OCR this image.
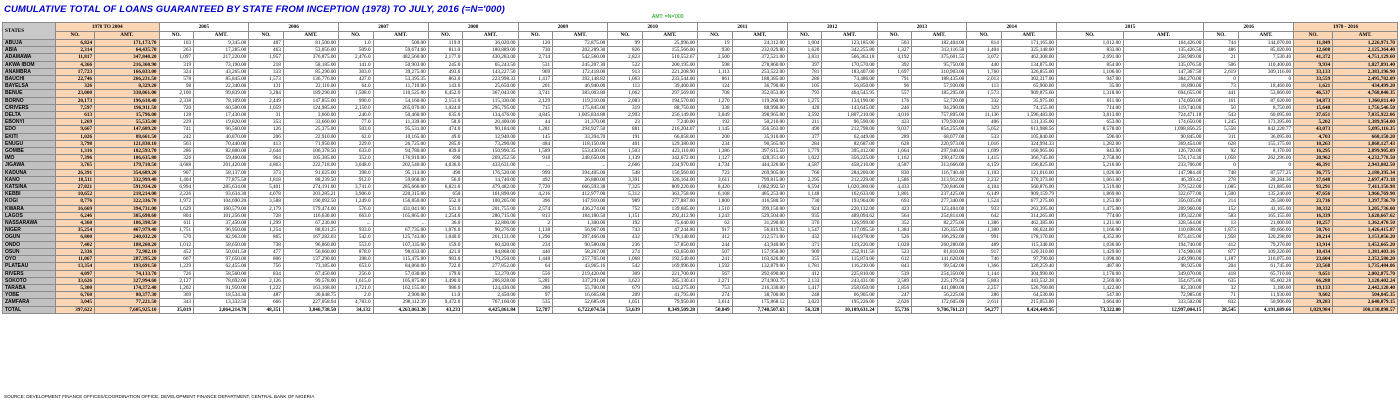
CUMULATIVE TOTAL OF LOANS GUARANTEED BY STATE FROM INCEPTION (1978) TO JULY, 2016 (=N='000)
AMT: =N='000
STATES	1978 TO 2004		2005		2006		2007		2008		2009		2010		2011		2012		2013		2014		2015		2016		1978 - 2016	
	NO.	AMT.	NO.	AMT.	NO.	AMT.	NO.	AMT.	NO.	AMT.	NO.	AMT.	NO.	AMT.	NO.	AMT.	NO.	AMT.	NO.	AMT.	NO.	AMT.	NO.	AMT.	NO.	AMT.	NO.	AMT.
ABUJA	6,824	171,173.70	103	9,345.00	487	81,500.00	1.0	500.00	119.0	36,020.00	120	72,875.00	99	25,996.00	19	24,312.00	1,004	123,185.00	503	182,404.00	814	171,165.00	1,012.00	164,426.00	744	144,070.00	11,849	1,226,971.70
ABIA	2,314	64,435.70	263	17,285.00	463	53,056.00	509.0	59,674.60	811.0	180,889.00	730	202,289.30	826	155,566.00	930	232,029.80	1,620	342,255.80	1,327	313,116.50	1,404	325,148.00	833.00	135,426.50	486	85,020.00	12,608	2,125,364.40
ADAMAWA	11,817	347,840.20	1,097	217,220.00	1,957	376,875.00	2,476.0	482,560.00	2,177.0	430,283.00	2,714	542,560.00	2,823	510,552.67	2,500	372,521.00	3,831	566,363.18	4,192	375,601.55	3,072	462,308.00	2,691.00	258,909.00	21	7,530.40	41,372	4,751,129.60
AKWA IBOM	4,366	216,360.90	319	73,190.00	218	58,185.00	141.0	50,903.00	245.0	65,243.50	531	245,207.30	522	200,195.00	598	278,860.00	397	170,570.00	392	95,750.00	440	134,875.00	854.00	135,076.50	506	110,400.00	9,934	1,827,891.40
ANAMBRA	17,723	166,033.00	324	43,265.00	333	85,290.00	303.0	39,275.00	493.0	143,227.50	969	172,418.00	913	221,208.90	1,113	253,522.00	781	183,407.00	1,697	310,903.00	1,760	326,855.00	1,106.00	147,367.50	2,619	309,116.00	33,133	2,383,196.90
BAUCHI	22,746	266,231.50	578	85,845.00	1,573	136,776.00	427.0	53,395.35	863.0	223,998.33	1,417	392,148.82	1,063	233,544.00	861	188,385.00	286	74,486.00	791	188,435.00	2,013	302,317.00	947.00	384,270.00	0	0	33,559	2,495,782.09
BAYELSA	326	8,329.20	98	22,340.00	131	22,110.00	64.0	11,710.00	143.0	25,650.00	201	46,940.00	113	39,400.00	124	36,790.00	105	56,850.00	96	57,930.00	113	65,900.00	35.00	18,890.00	73	18,460.00	1,621	434,499.20
BENUE	23,000	338,061.00	2,100	99,839.00	3,284	189,290.00	1,508.0	110,525.00	6,452.0	367,043.00	3,741	383,003.80	1,062	297,569.00	708	352,053.00	793	464,545.95	557	185,295.00	1,573	909,875.60	1,318.00	694,655.00	441	53,860.00	46,537	4,768,040.35
BORNO	20,173	196,618.40	2,338	78,109.00	2,449	147,855.00	990.0	54,160.00	2,151.0	115,330.00	2,129	119,210.00	2,083	194,570.00	1,270	119,260.00	1,275	134,190.00	176	52,720.00	332	35,975.00	611.00	174,050.00	161	87,020.00	34,873	1,360,811.40
C/RIVERS	7,597	196,911.50	720	60,500.00	1,059	124,985.00	2,150.0	265,070.00	1,024.0	295,795.00	715	175,845.00	319	88,750.00	338	88,990.00	420	143,645.00	246	94,290.00	329	74,155.00	714.00	119,740.00	50	8,750.00	15,640	1,756,546.50
DELTA	613	15,796.00	128	17,430.00	31	3,660.00	240.0	50,460.00	635.0	134,476.00	4,845	1,005,834.88	2,993	256,149.00	3,049	398,965.00	3,592	1,807,210.00	4,016	757,895.00	11,136	1,596,483.00	3,813.00	724,471.18	543	60,095.00	37,651	7,035,922.06
EBONYI	1,269	55,535.00	229	19,820.00	353	33,660.00	77.0	11,339.00	58.0	20,400.00	44	31,370.00	23	7,240.00	192	50,210.00	211	96,590.00	433	179,930.00	406	131,335.00	653.00	174,650.00	1,245	173,395.00	5,202	1,389,954.00
EDO	9,667	147,609.20	741	66,560.00	126	25,375.00	503.0	95,531.00	474.0	90,184.00	1,281	294,927.50	881	216,204.07	1,145	356,563.00	490	212,798.00	9,037	854,255.00	5,052	613,988.56	8,578.00	1,098,856.25	5,558	842,228.77	43,073	5,095,116.35
EKITI	1,026	88,661.50	242	40,870.00	206	22,910.00	62.0	10,165.00	49.0	12,940.00	145	33,394.70	191	66,058.00	200	35,910.00	377	62,449.00	289	68,077.00	533	105,840.00	596.00	90,845.00	311	36,095.00	4,703	668,150.20
ENUGU	3,798	121,830.10	563	70,440.00	413	71,950.00	229.0	26,725.00	285.0	73,290.00	484	118,150.00	401	129,380.00	234	90,565.00	284	82,687.00	628	220,973.00	1,016	324,994.33	1,282.00	369,454.00	628	155,175.00	10,263	1,868,127.43
GOMBE	1,316	102,593.70	286	82,800.00	2,644	106,378.50	633.0	94,780.00	839.0	150,990.35	1,589	553,430.04	1,503	423,110.00	1,386	397,615.50	1,779	395,412.00	1,664	297,940.00	1,699	160,965.00	843.00	126,720.00	92	8,170.00	16,295	2,899,905.09
IMO	7,396	106,635.80	326	59,460.00	964	105,385.00	352.0	176,910.00	690	269,252.50	918	248,650.00	1,139	342,672.00	1,127	428,351.60	1,022	356,225.00	1,162	290,472.00	1,415	366,745.00	2,758.00	574,174.30	1,058	262,296.00	20,962	4,232,778.50
JIGAWA	3,765	179,710.50	4,688	201,420.00	4,863	222,718.00	3,048.0	202,540.00	4,036.0	433,631.00	...	...	2,666	234,970.00	4,734	444,326.00	4,587	458,210.00	4,587	313,666.00	4,159	196,825.00	5,216.00	233,706.00	0	0	46,391	2,943,082.50
KADUNA	26,391	354,689.20	907	58,137.00	373	91,625.00	398.0	95,114.00	490	176,520.00	999	394,405.00	548	150,560.00	723	269,905.00	766	284,200.00	830	116,740.40	1,103	121,016.00	1,026.00	147,984.40	748	87,577.25	36,775	2,180,395.34
KANO	18,511	332,999.40	1,404	77,875.50	1,818	88,239.50	912.0	59,068.00	56.0	14,740.00	492	26,880.00	3,391	326,164.00	3,611	799,815.00	2,295	212,229.00	1,586	313,912.00	2,232	370,373.00	1,061.00	46,393.42	278	28,284.36	37,648	2,697,473.18
KATSINA	27,021	591,934.20	6,994	285,634.00	5,401	274,191.00	3,741.0	285,666.00	6,821.0	479,482.00	7,720	666,593.38	7,325	809,220.00	8,420	1,082,992.50	6,594	1,020,360.00	4,433	720,846.00	4,104	560,876.00	3,519.00	379,522.00	1,085	121,885.00	93,291	7,411,156.98
KEBBI	10,652	218,214.00	2,226	93,634.30	4,078	203,285.21	3,906.0	220,315.00	650	161,890.00	4,216	412,977.00	5,312	363,758.00	6,108	485,253.00	1,148	162,633.00	1,801	237,425.00	6,149	909,159.79	1,869.00	322,677.00	1,500	135,240.00	47,656	3,966,769.90
KOGI	8,776	322,336.70	1,972	104,690.20	3,588	190,092.50	1,249.0	156,850.00	552.0	100,205.00	396	147,910.00	989	277,887.00	1,800	416,580.50	730	193,964.00	693	277,340.00	1,524	677,275.00	1,253.00	356,035.00	214	26,580.00	23,736	3,397,736.70
KWARA	16,669	394,731.00	1,629	160,579.00	2,179	179,474.00	576.0	431,041.00	531.0	201,755.00	2,574	436,274.00	752	139,685.00	1,510	399,150.00	924	220,132.00	423	123,404.00	933	263,395.00	1,475.00	209,960.00	152	43,165.00	30,332	3,205,736.00
LAGOS	6,246	305,698.60	804	101,256.00	728	116,630.00	663.0	165,865.00	1,254.0	280,715.00	813	184,180.50	1,151	292,412.90	1,243	529,504.00	935	489,094.62	564	254,814.00	642	314,265.00	774.00	199,322.00	583	165,155.00	16,339	3,620,667.62
NASSARAWA	4,360	106,398.50	611	37,450.00	1,299	67,230.00	...	...	36.0	22,800.00	2	1,300.00	192	75,640.00	62	31,290.00	376	126,999.00	352	82,275.00	1,386	462,385.00	1,211.00	328,564.00	13	21,000.00	10,257	1,362,470.50
NIGER	35,254	467,979.40	1,751	96,950.00	1,254	88,031.25	933.0	67,735.00	1,076.0	90,276.00	1,138	56,967.00	743	47,244.80	917	56,819.92	1,547	117,095.50	1,384	126,355.00	1,300	86,624.00	1,166.00	110,698.00	1,873	89,666.00	50,761	1,426,415.87
OGUN	6,800	240,032.20	570	82,963.00	865	167,282.03	542.0	125,743.00	1,040.0	261,131.00	1,296	287,466.00	432	178,140.00	412	212,571.00	432	164,978.00	526	106,292.00	991	178,170.00	4,352.00	873,415.00	1,958	320,298.00	20,214	3,153,056.20
ONDO	7,402	188,260.20	1,012	58,650.00	738	96,860.00	553.0	107,335.00	159.0	60,420.00	234	90,580.00	236	57,850.00	244	43,940.00	371	119,220.00	1,028	260,280.00	489	115,340.00	1,036.00	194,740.00	412	79,270.00	13,914	1,452,665.20
OSUN	2,336	72,982.10	452	50,041.50	477	56,660.00	878.0	98,033.00	421.0	84,868.00	440	58,267.00	274	63,650.00	507	157,950.00	909	252,811.56	523	81,810.00	917	120,310.00	1,429.00	174,900.00	877	109,220.00	10,434	1,381,403.16
OYO	11,067	287,395.20	667	97,650.00	806	137,290.00	398.0	115,475.00	983.0	170,250.00	1,448	257,705.00	1,068	192,540.00	241	163,626.00	355	115,874.00	612	141,620.00	746	97,790.00	1,098.00	249,990.00	1,187	316,075.00	23,604	2,352,580.20
PLATEAU	13,354	193,691.50	1,229	62,455.00	756	73,185.00	653.0	84,860.00	722.0	277,852.00	64	43,965.16	542	169,996.00	1,592	132,879.00	1,781	116,210.00	843	99,542.00	1,366	320,259.40	487.00	98,925.00	204	61,745.00	23,568	1,735,484.06
RIVERS	4,097	74,133.70	726	58,560.00	834	67,450.00	256.0	57,030.00	179.0	53,270.00	556	219,420.00	309	221,700.00	567	292,690.00	412	225,810.00	539	254,350.00	1,144	304,990.00	1,170.00	349,070.00	418	65,710.00	9,651	2,002,875.70
SOKOTO	33,626	327,994.60	2,127	78,692.00	2,126	99,578.00	1,615.0	105,875.00	3,490.0	206,828.00	5,281	337,291.00	3,623	285,130.43	2,271	274,903.75	2,133	243,431.00	2,589	225,179.50	5,803	443,532.28	2,569.00	354,675.00	635	85,602.28	66,288	3,120,402.24
TARABA	5,300	174,372.40	1,202	91,950.00	1,222	163,168.00	1,721.0	162,155.00	986.0	124,430.00	286	55,700.00	679	142,275.00	753	216,330.00	1,417	258,050.00	1,856	441,080.00	2,257	526,760.00	1,422.00	82,330.00	32	3,180.00	19,133	2,442,120.40
YOBE	6,760	80,377.30	369	18,534.30	487	30,848.75	2.0	2,900.00	11.0	2,450.00	97	16,665.00	209	41,795.00	274	38,700.00	248	66,905.00	247	56,225.00	286	64,530.00	547.00	72,985.00	71	11,930.00	9,602	504,845.35
ZAMFARA	3,045	77,221.50	343	13,332.50	666	227,058.94	4,783.0	298,112.39	9,472.0	767,160.00	535	52,685.00	1,051	79,950.00	3,614	175,868.12	3,023	195,226.00	2,626	172,605.00	2,611	215,053.00	3,664.00	333,502.00	832	50,906.00	39,283	2,640,879.15
TOTAL	397,622	7,605,925.10	35,019	2,064,214.70	48,351	3,846,738.50	34,132	4,263,063.30	43,233	4,425,861.84	52,787	6,722,074.56	53,639	8,349,509.28	50,849	7,740,507.63	56,328	10,109,631.24	55,736	9,706,761.23	54,277	8,424,449.95	73,322.00	12,997,004.15	28,545	4,191,689.66	1,029,984	100,130,898.57
SOURCE: DEVELOPMENT FINANCE OFFICES/COORDINATION OFFICE, DEVELOPMENT FINANCE DEPARTMENT, CENTRAL BANK OF NIGERIA
